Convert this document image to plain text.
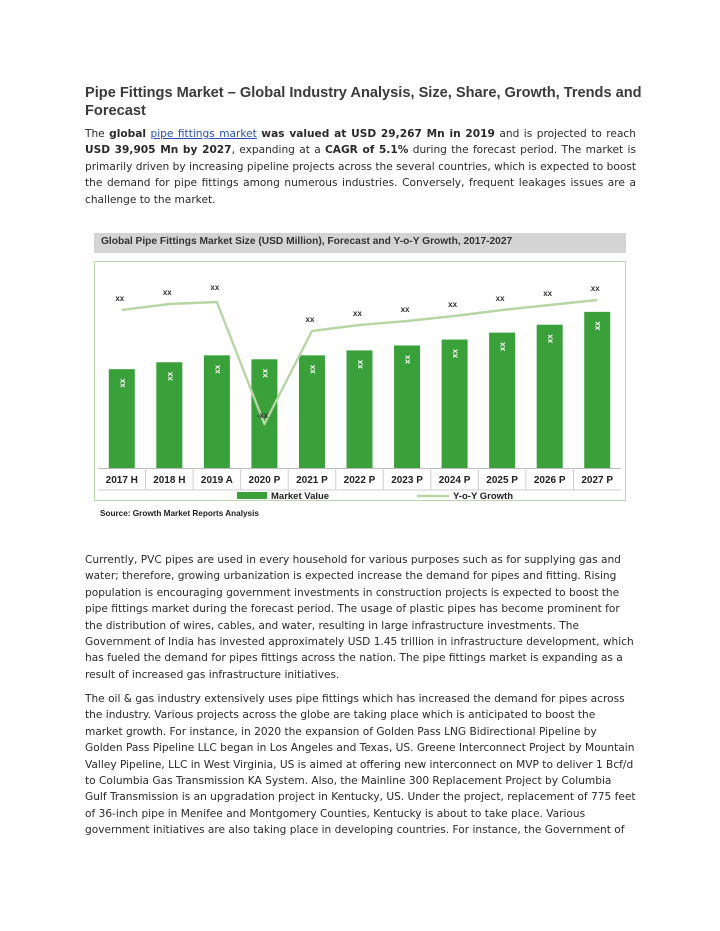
Pipe Fittings Market – Global Industry Analysis, Size, Share, Growth, Trends and Forecast

The global pipe fittings market was valued at USD 29,267 Mn in 2019 and is projected to reach USD 39,905 Mn by 2027, expanding at a CAGR of 5.1% during the forecast period. The market is primarily driven by increasing pipeline projects across the several countries, which is expected to boost the demand for pipe fittings among numerous industries. Conversely, frequent leakages issues are a challenge to the market.

Global Pipe Fittings Market Size (USD Million), Forecast and Y-o-Y Growth, 2017-2027
xx
xx
xx	xx	xx
xx
xx
xx
xx
xx
xx
xx
xx
-xx
xx
xx	xx
xx
xx
xx
xx
xx
2017 H 2018 H 2019 A 2020 P 2021 P 2022 P 2023 P 2024 P 2025 P 2026 P 2027 P
Market Value	Y-o-Y Growth
Source: Growth Market Reports Analysis

Currently, PVC pipes are used in every household for various purposes such as for supplying gas and water; therefore, growing urbanization is expected increase the demand for pipes and fitting. Rising population is encouraging government investments in construction projects is expected to boost the pipe fittings market during the forecast period. The usage of plastic pipes has become prominent for the distribution of wires, cables, and water, resulting in large infrastructure investments. The Government of India has invested approximately USD 1.45 trillion in infrastructure development, which has fueled the demand for pipes fittings across the nation. The pipe fittings market is expanding as a result of increased gas infrastructure initiatives.

The oil & gas industry extensively uses pipe fittings which has increased the demand for pipes across the industry. Various projects across the globe are taking place which is anticipated to boost the market growth. For instance, in 2020 the expansion of Golden Pass LNG Bidirectional Pipeline by Golden Pass Pipeline LLC began in Los Angeles and Texas, US. Greene Interconnect Project by Mountain Valley Pipeline, LLC in West Virginia, US is aimed at offering new interconnect on MVP to deliver 1 Bcf/d to Columbia Gas Transmission KA System. Also, the Mainline 300 Replacement Project by Columbia Gulf Transmission is an upgradation project in Kentucky, US. Under the project, replacement of 775 feet of 36-inch pipe in Menifee and Montgomery Counties, Kentucky is about to take place. Various government initiatives are also taking place in developing countries. For instance, the Government of
